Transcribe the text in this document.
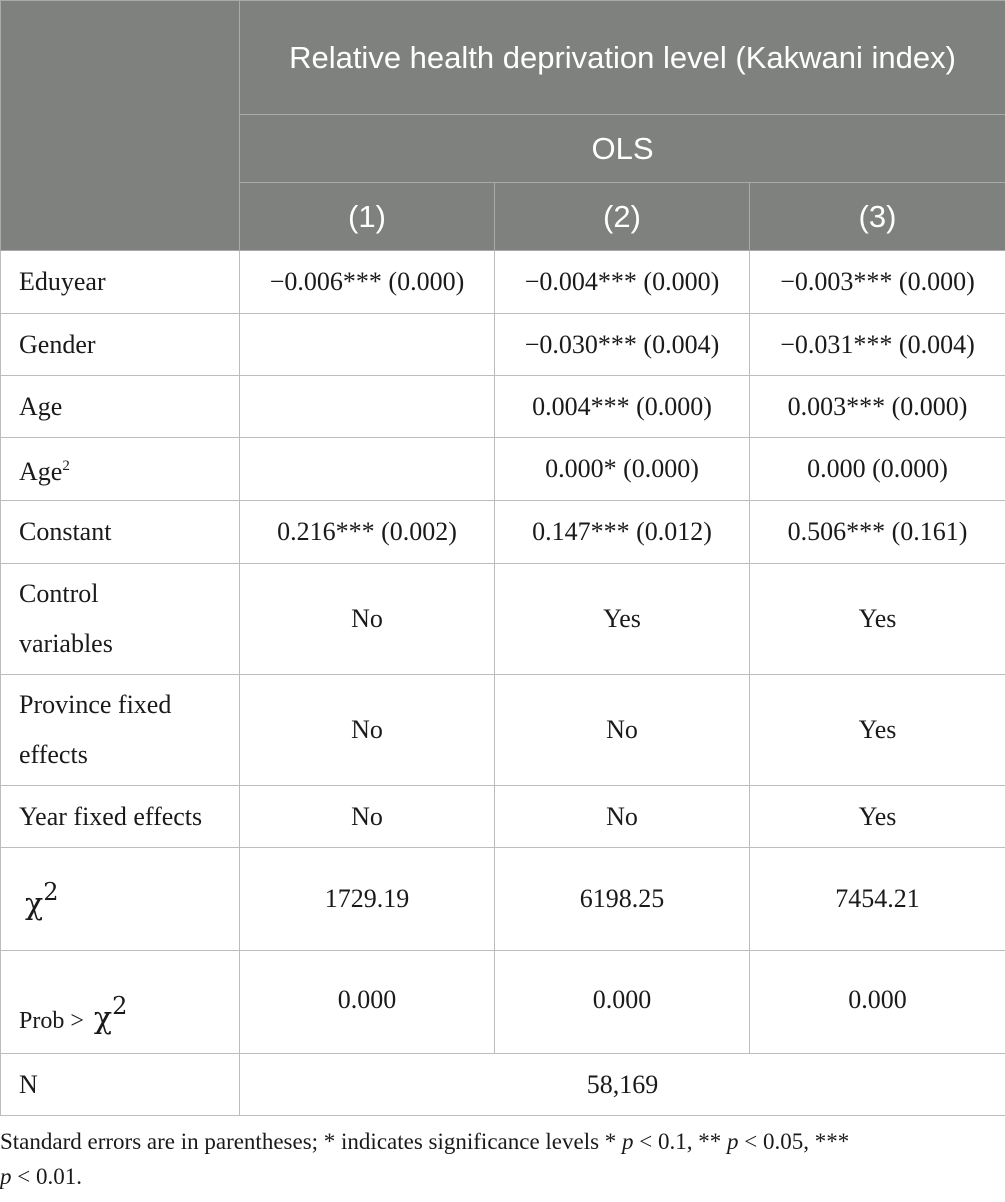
	Relative health deprivation level (Kakwani index)		
	OLS		
	(1)	(2)	(3)
Eduyear	−0.006*** (0.000)	−0.004*** (0.000)	−0.003*** (0.000)
Gender		−0.030*** (0.004)	−0.031*** (0.004)
Age		0.004*** (0.000)	0.003*** (0.000)
Age$^2$		0.000* (0.000)	0.000 (0.000)
Constant	0.216*** (0.002)	0.147*** (0.012)	0.506*** (0.161)
Control
variables	No	Yes	Yes
Province fixed
effects	No	No	Yes
Year fixed effects	No	No	Yes
χ2	1729.19	6198.25	7454.21
Prob > χ2	0.000	0.000	0.000
N	58,169		

Standard errors are in parentheses; * indicates significance levels * p < 0.1, ** p < 0.05, ***
p < 0.01.
